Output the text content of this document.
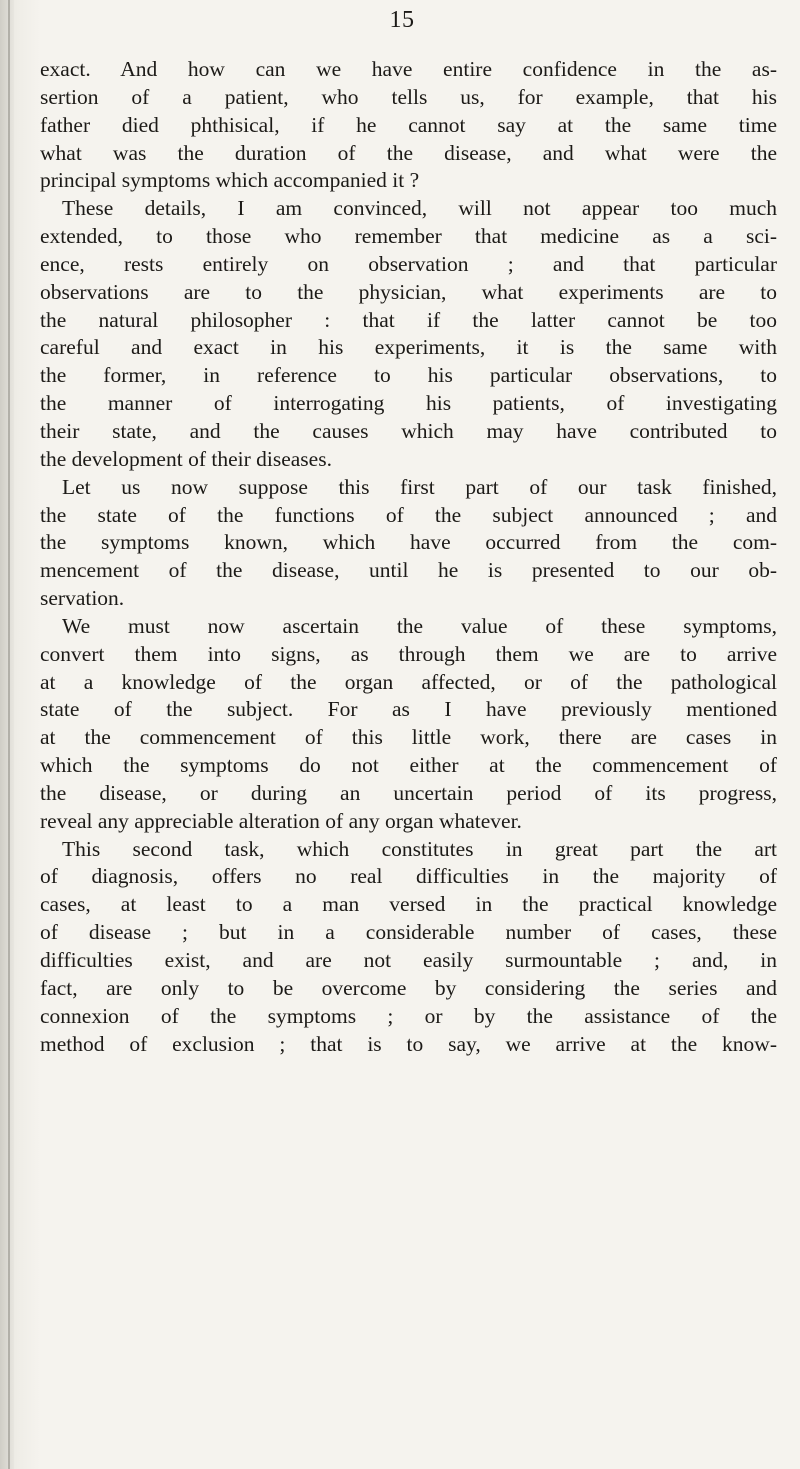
15
exact. And how can we have entire confidence in the as-
sertion of a patient, who tells us, for example, that his
father died phthisical, if he cannot say at the same time
what was the duration of the disease, and what were the
principal symptoms which accompanied it ?
These details, I am convinced, will not appear too much
extended, to those who remember that medicine as a sci-
ence, rests entirely on observation ; and that particular
observations are to the physician, what experiments are to
the natural philosopher : that if the latter cannot be too
careful and exact in his experiments, it is the same with
the former, in reference to his particular observations, to
the manner of interrogating his patients, of investigating
their state, and the causes which may have contributed to
the development of their diseases.
Let us now suppose this first part of our task finished,
the state of the functions of the subject announced ; and
the symptoms known, which have occurred from the com-
mencement of the disease, until he is presented to our ob-
servation.
We must now ascertain the value of these symptoms,
convert them into signs, as through them we are to arrive
at a knowledge of the organ affected, or of the pathological
state of the subject. For as I have previously mentioned
at the commencement of this little work, there are cases in
which the symptoms do not either at the commencement of
the disease, or during an uncertain period of its progress,
reveal any appreciable alteration of any organ whatever.
This second task, which constitutes in great part the art
of diagnosis, offers no real difficulties in the majority of
cases, at least to a man versed in the practical knowledge
of disease ; but in a considerable number of cases, these
difficulties exist, and are not easily surmountable ; and, in
fact, are only to be overcome by considering the series and
connexion of the symptoms ; or by the assistance of the
method of exclusion ; that is to say, we arrive at the know-
